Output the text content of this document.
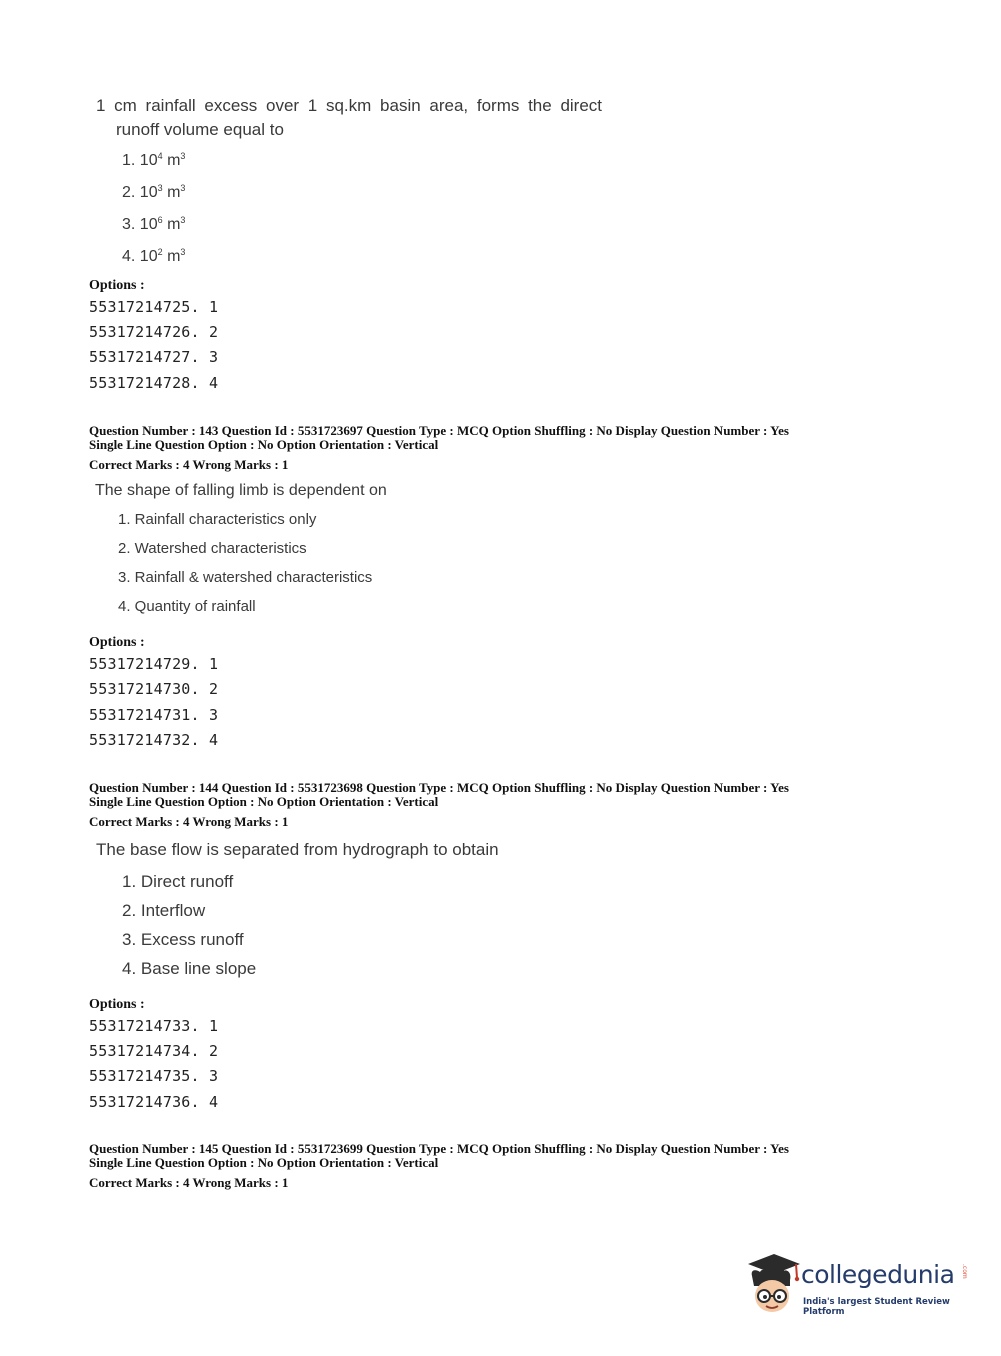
1 cm rainfall excess over 1 sq.km basin area, forms the direct
runoff volume equal to
1. $10^4$ $m^3$
2. $10^3$ $m^3$
3. $10^6$ $m^3$
4. $10^2$ $m^3$
Options :
55317214725. 1
55317214726. 2
55317214727. 3
55317214728. 4
Question Number : 143 Question Id : 5531723697 Question Type : MCQ Option Shuffling : No Display Question Number : Yes
Single Line Question Option : No Option Orientation : Vertical
Correct Marks : 4 Wrong Marks : 1
The shape of falling limb is dependent on
1. Rainfall characteristics only
2. Watershed characteristics
3. Rainfall & watershed characteristics
4. Quantity of rainfall
Options :
55317214729. 1
55317214730. 2
55317214731. 3
55317214732. 4
Question Number : 144 Question Id : 5531723698 Question Type : MCQ Option Shuffling : No Display Question Number : Yes
Single Line Question Option : No Option Orientation : Vertical
Correct Marks : 4 Wrong Marks : 1
The base flow is separated from hydrograph to obtain
1. Direct runoff
2. Interflow
3. Excess runoff
4. Base line slope
Options :
55317214733. 1
55317214734. 2
55317214735. 3
55317214736. 4
Question Number : 145 Question Id : 5531723699 Question Type : MCQ Option Shuffling : No Display Question Number : Yes
Single Line Question Option : No Option Orientation : Vertical
Correct Marks : 4 Wrong Marks : 1
collegedunia .com
India's largest Student Review Platform
